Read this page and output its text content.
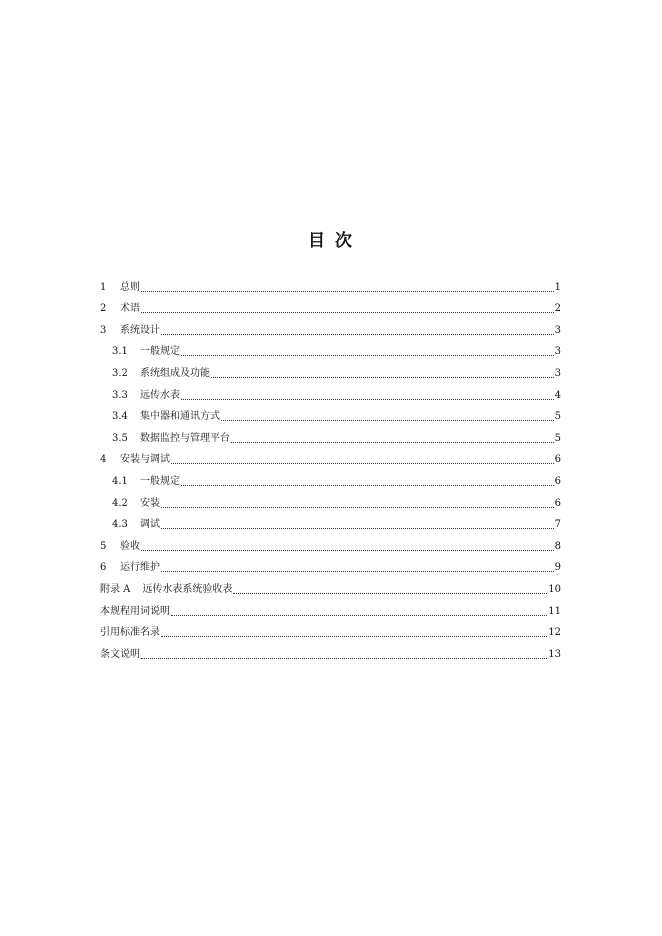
目 次
1	总则	1
2	术语	2
3	系统设计	3
3.1	一般规定	3
3.2	系统组成及功能	3
3.3	远传水表	4
3.4	集中器和通讯方式	5
3.5	数据监控与管理平台	5
4	安装与调试	6
4.1	一般规定	6
4.2	安装	6
4.3	调试	7
5	验收	8
6	运行维护	9
附录 A	远传水表系统验收表	10
本规程用词说明	11
引用标准名录	12
条文说明	13
